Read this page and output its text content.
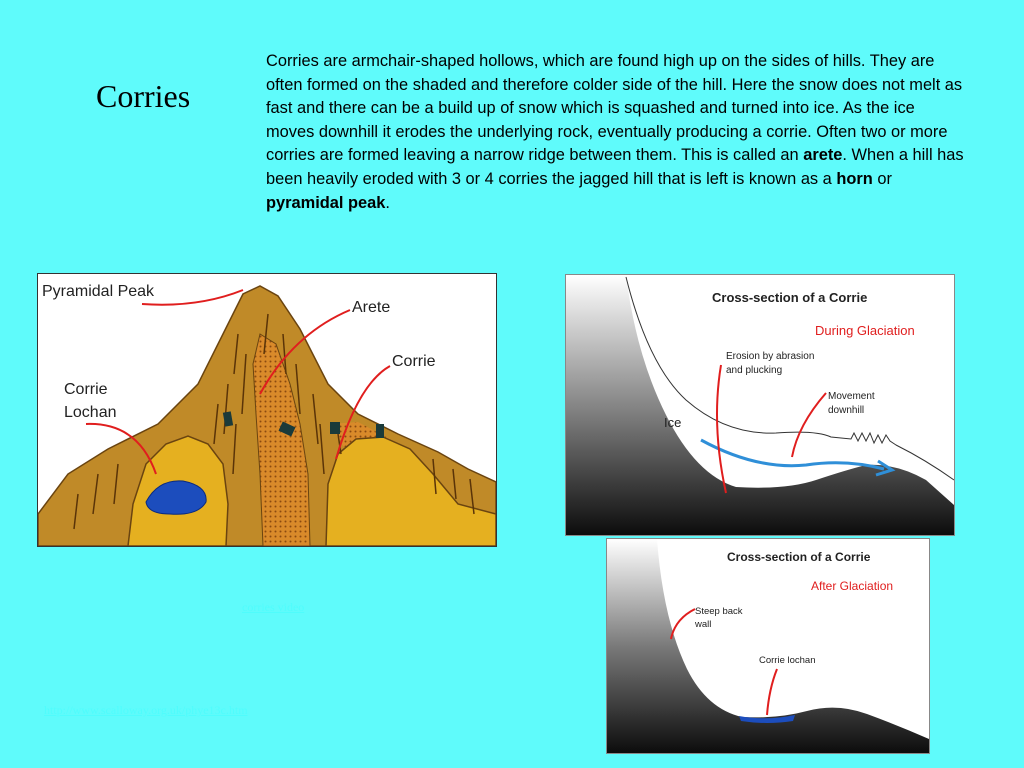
Corries

Corries are armchair-shaped hollows, which are found high up on the sides of hills. They are often formed on the shaded and therefore colder side of the hill. Here the snow does not melt as fast and there can be a build up of snow which is squashed and turned into ice. As the ice moves downhill it erodes the underlying rock, eventually producing a corrie. Often two or more corries are formed leaving a narrow ridge between them. This is called an arete. When a hill has been heavily eroded with 3 or 4 corries the jagged hill that is left is known as a horn or pyramidal peak.

Pyramidal Peak
Arete
Corrie
Corrie
Lochan
Cross-section of a Corrie
During Glaciation
Erosion by abrasion
and plucking
Movement
downhill
Ice
Cross-section of a Corrie
After Glaciation
Steep back
wall
Corrie lochan
corries video
http://www.scalloway.org.uk/phye13c.htm
